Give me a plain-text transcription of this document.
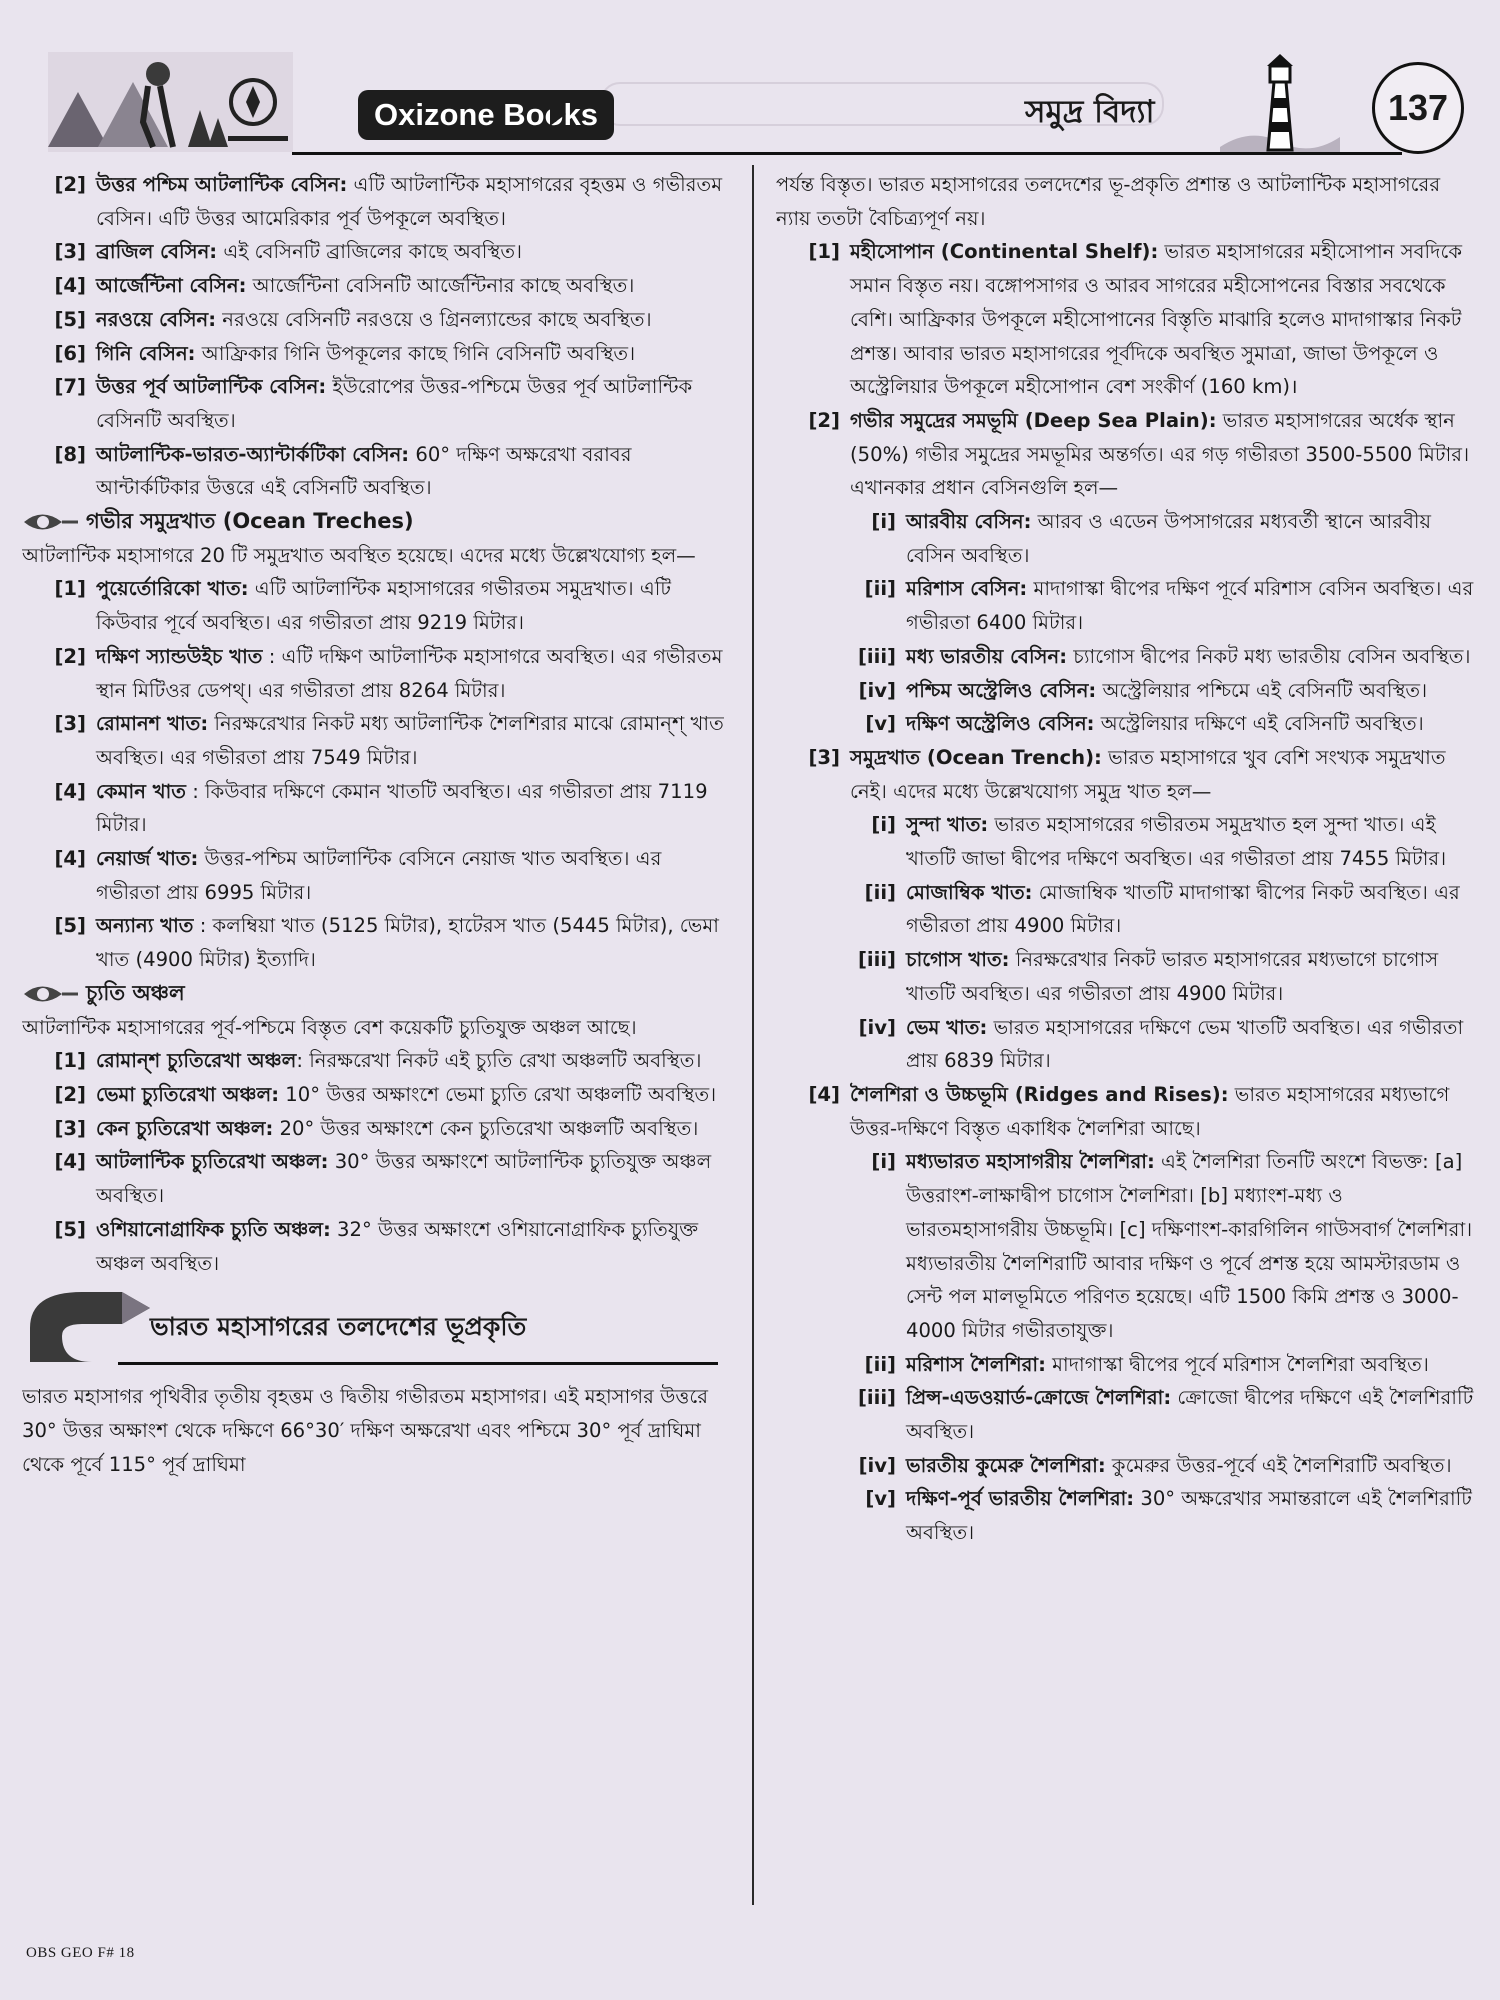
Oxizone Books	সমুদ্র বিদ্যা	137
[2] উত্তর পশ্চিম আটলান্টিক বেসিন: এটি আটলান্টিক মহাসাগরের বৃহত্তম ও গভীরতম বেসিন। এটি উত্তর আমেরিকার পূর্ব উপকূলে অবস্থিত।
[3] ব্রাজিল বেসিন: এই বেসিনটি ব্রাজিলের কাছে অবস্থিত।
[4] আর্জেন্টিনা বেসিন: আর্জেন্টিনা বেসিনটি আর্জেন্টিনার কাছে অবস্থিত।
[5] নরওয়ে বেসিন: নরওয়ে বেসিনটি নরওয়ে ও গ্রিনল্যান্ডের কাছে অবস্থিত।
[6] গিনি বেসিন: আফ্রিকার গিনি উপকূলের কাছে গিনি বেসিনটি অবস্থিত।
[7] উত্তর পূর্ব আটলান্টিক বেসিন: ইউরোপের উত্তর-পশ্চিমে উত্তর পূর্ব আটলান্টিক বেসিনটি অবস্থিত।
[8] আটলান্টিক-ভারত-অ্যান্টার্কটিকা বেসিন: 60° দক্ষিণ অক্ষরেখা বরাবর আন্টার্কটিকার উত্তরে এই বেসিনটি অবস্থিত।
গভীর সমুদ্রখাত (Ocean Treches)

আটলান্টিক মহাসাগরে 20 টি সমুদ্রখাত অবস্থিত হয়েছে। এদের মধ্যে উল্লেখযোগ্য হল—

[1] পুয়ের্তোরিকো খাত: এটি আটলান্টিক মহাসাগরের গভীরতম সমুদ্রখাত। এটি কিউবার পূর্বে অবস্থিত। এর গভীরতা প্রায় 9219 মিটার।
[2] দক্ষিণ স্যান্ডউইচ খাত : এটি দক্ষিণ আটলান্টিক মহাসাগরে অবস্থিত। এর গভীরতম স্থান মিটিওর ডেপথ্। এর গভীরতা প্রায় 8264 মিটার।
[3] রোমানশ খাত: নিরক্ষরেখার নিকট মধ্য আটলান্টিক শৈলশিরার মাঝে রোমান্‌শ্ খাত অবস্থিত। এর গভীরতা প্রায় 7549 মিটার।
[4] কেমান খাত : কিউবার দক্ষিণে কেমান খাতটি অবস্থিত। এর গভীরতা প্রায় 7119 মিটার।
[4] নেয়ার্জ খাত: উত্তর-পশ্চিম আটলান্টিক বেসিনে নেয়াজ খাত অবস্থিত। এর গভীরতা প্রায় 6995 মিটার।
[5] অন্যান্য খাত : কলম্বিয়া খাত (5125 মিটার), হাটেরস খাত (5445 মিটার), ভেমা খাত (4900 মিটার) ইত্যাদি।
চ্যুতি অঞ্চল

আটলান্টিক মহাসাগরের পূর্ব-পশ্চিমে বিস্তৃত বেশ কয়েকটি চ্যুতিযুক্ত অঞ্চল আছে।

[1] রোমান্‌শ চ্যুতিরেখা অঞ্চল: নিরক্ষরেখা নিকট এই চ্যুতি রেখা অঞ্চলটি অবস্থিত।
[2] ভেমা চ্যুতিরেখা অঞ্চল: 10° উত্তর অক্ষাংশে ভেমা চ্যুতি রেখা অঞ্চলটি অবস্থিত।
[3] কেন চ্যুতিরেখা অঞ্চল: 20° উত্তর অক্ষাংশে কেন চ্যুতিরেখা অঞ্চলটি অবস্থিত।
[4] আটলান্টিক চ্যুতিরেখা অঞ্চল: 30° উত্তর অক্ষাংশে আটলান্টিক চ্যুতিযুক্ত অঞ্চল অবস্থিত।
[5] ওশিয়ানোগ্রাফিক চ্যুতি অঞ্চল: 32° উত্তর অক্ষাংশে ওশিয়ানোগ্রাফিক চ্যুতিযুক্ত অঞ্চল অবস্থিত।
ভারত মহাসাগরের তলদেশের ভূপ্রকৃতি

ভারত মহাসাগর পৃথিবীর তৃতীয় বৃহত্তম ও দ্বিতীয় গভীরতম মহাসাগর। এই মহাসাগর উত্তরে 30° উত্তর অক্ষাংশ থেকে দক্ষিণে 66°30′ দক্ষিণ অক্ষরেখা এবং পশ্চিমে 30° পূর্ব দ্রাঘিমা থেকে পূর্বে 115° পূর্ব দ্রাঘিমা

পর্যন্ত বিস্তৃত। ভারত মহাসাগরের তলদেশের ভূ-প্রকৃতি প্রশান্ত ও আটলান্টিক মহাসাগরের ন্যায় ততটা বৈচিত্র্যপূর্ণ নয়।

[1] মহীসোপান (Continental Shelf): ভারত মহাসাগরের মহীসোপান সবদিকে সমান বিস্তৃত নয়। বঙ্গোপসাগর ও আরব সাগরের মহীসোপনের বিস্তার সবথেকে বেশি। আফ্রিকার উপকূলে মহীসোপানের বিস্তৃতি মাঝারি হলেও মাদাগাস্কার নিকট প্রশস্ত। আবার ভারত মহাসাগরের পূর্বদিকে অবস্থিত সুমাত্রা, জাভা উপকূলে ও অস্ট্রেলিয়ার উপকূলে মহীসোপান বেশ সংকীর্ণ (160 km)।
[2] গভীর সমুদ্রের সমভূমি (Deep Sea Plain): ভারত মহাসাগরের অর্ধেক স্থান (50%) গভীর সমুদ্রের সমভূমির অন্তর্গত। এর গড় গভীরতা 3500-5500 মিটার। এখানকার প্রধান বেসিনগুলি হল—
[i] আরবীয় বেসিন: আরব ও এডেন উপসাগরের মধ্যবর্তী স্থানে আরবীয় বেসিন অবস্থিত।
[ii] মরিশাস বেসিন: মাদাগাস্কা দ্বীপের দক্ষিণ পূর্বে মরিশাস বেসিন অবস্থিত। এর গভীরতা 6400 মিটার।
[iii] মধ্য ভারতীয় বেসিন: চ্যাগোস দ্বীপের নিকট মধ্য ভারতীয় বেসিন অবস্থিত।
[iv] পশ্চিম অস্ট্রেলিও বেসিন: অস্ট্রেলিয়ার পশ্চিমে এই বেসিনটি অবস্থিত।
[v] দক্ষিণ অস্ট্রেলিও বেসিন: অস্ট্রেলিয়ার দক্ষিণে এই বেসিনটি অবস্থিত।
[3] সমুদ্রখাত (Ocean Trench): ভারত মহাসাগরে খুব বেশি সংখ্যক সমুদ্রখাত নেই। এদের মধ্যে উল্লেখযোগ্য সমুদ্র খাত হল—
[i] সুন্দা খাত: ভারত মহাসাগরের গভীরতম সমুদ্রখাত হল সুন্দা খাত। এই খাতটি জাভা দ্বীপের দক্ষিণে অবস্থিত। এর গভীরতা প্রায় 7455 মিটার।
[ii] মোজাম্বিক খাত: মোজাম্বিক খাতটি মাদাগাস্কা দ্বীপের নিকট অবস্থিত। এর গভীরতা প্রায় 4900 মিটার।
[iii] চাগোস খাত: নিরক্ষরেখার নিকট ভারত মহাসাগরের মধ্যভাগে চাগোস খাতটি অবস্থিত। এর গভীরতা প্রায় 4900 মিটার।
[iv] ভেম খাত: ভারত মহাসাগরের দক্ষিণে ভেম খাতটি অবস্থিত। এর গভীরতা প্রায় 6839 মিটার।
[4] শৈলশিরা ও উচ্চভূমি (Ridges and Rises): ভারত মহাসাগরের মধ্যভাগে উত্তর-দক্ষিণে বিস্তৃত একাধিক শৈলশিরা আছে।
[i] মধ্যভারত মহাসাগরীয় শৈলশিরা: এই শৈলশিরা তিনটি অংশে বিভক্ত: [a] উত্তরাংশ-লাক্ষাদ্বীপ চাগোস শৈলশিরা। [b] মধ্যাংশ-মধ্য ও ভারতমহাসাগরীয় উচ্চভূমি। [c] দক্ষিণাংশ-কারগিলিন গাউসবার্গ শৈলশিরা। মধ্যভারতীয় শৈলশিরাটি আবার দক্ষিণ ও পূর্বে প্রশস্ত হয়ে আমস্টারডাম ও সেন্ট পল মালভূমিতে পরিণত হয়েছে। এটি 1500 কিমি প্রশস্ত ও 3000-4000 মিটার গভীরতাযুক্ত।
[ii] মরিশাস শৈলশিরা: মাদাগাস্কা দ্বীপের পূর্বে মরিশাস শৈলশিরা অবস্থিত।
[iii] প্রিন্স-এডওয়ার্ড-ক্রোজে শৈলশিরা: ক্রোজো দ্বীপের দক্ষিণে এই শৈলশিরাটি অবস্থিত।
[iv] ভারতীয় কুমেরু শৈলশিরা: কুমেরুর উত্তর-পূর্বে এই শৈলশিরাটি অবস্থিত।
[v] দক্ষিণ-পূর্ব ভারতীয় শৈলশিরা: 30° অক্ষরেখার সমান্তরালে এই শৈলশিরাটি অবস্থিত।
OBS GEO F# 18
